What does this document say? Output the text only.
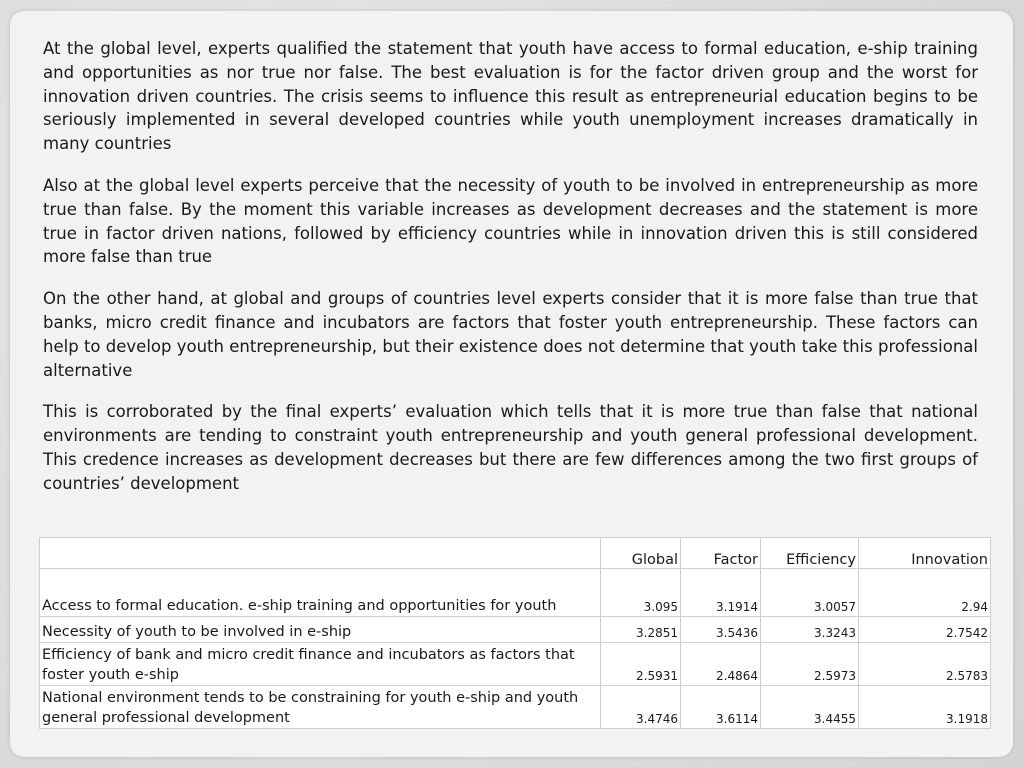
At the global level, experts qualified the statement that youth have access to formal education, e-ship training and opportunities as nor true nor false. The best evaluation is for the factor driven group and the worst for innovation driven countries. The crisis seems to influence this result as entrepreneurial education begins to be seriously implemented in several developed countries while youth unemployment increases dramatically in many countries

Also at the global level experts perceive that the necessity of youth to be involved in entrepreneurship as more true than false. By the moment this variable increases as development decreases and the statement is more true in factor driven nations, followed by efficiency countries while in innovation driven this is still considered more false than true

On the other hand, at global and groups of countries level experts consider that it is more false than true that banks, micro credit finance and incubators are factors that foster youth entrepreneurship. These factors can help to develop youth entrepreneurship, but their existence does not determine that youth take this professional alternative

This is corroborated by the final experts’ evaluation which tells that it is more true than false that national environments are tending to constraint youth entrepreneurship and youth general professional development. This credence increases as development decreases but there are few differences among the two first groups of countries’ development

	Global	Factor	Efficiency	Innovation
Access to formal education. e-ship training and opportunities for youth	3.095	3.1914	3.0057	2.94
Necessity of youth to be involved in e-ship	3.2851	3.5436	3.3243	2.7542
Efficiency of bank and micro credit finance and incubators as factors that foster youth e-ship	2.5931	2.4864	2.5973	2.5783
National environment tends to be constraining for youth e-ship and youth general professional development	3.4746	3.6114	3.4455	3.1918
